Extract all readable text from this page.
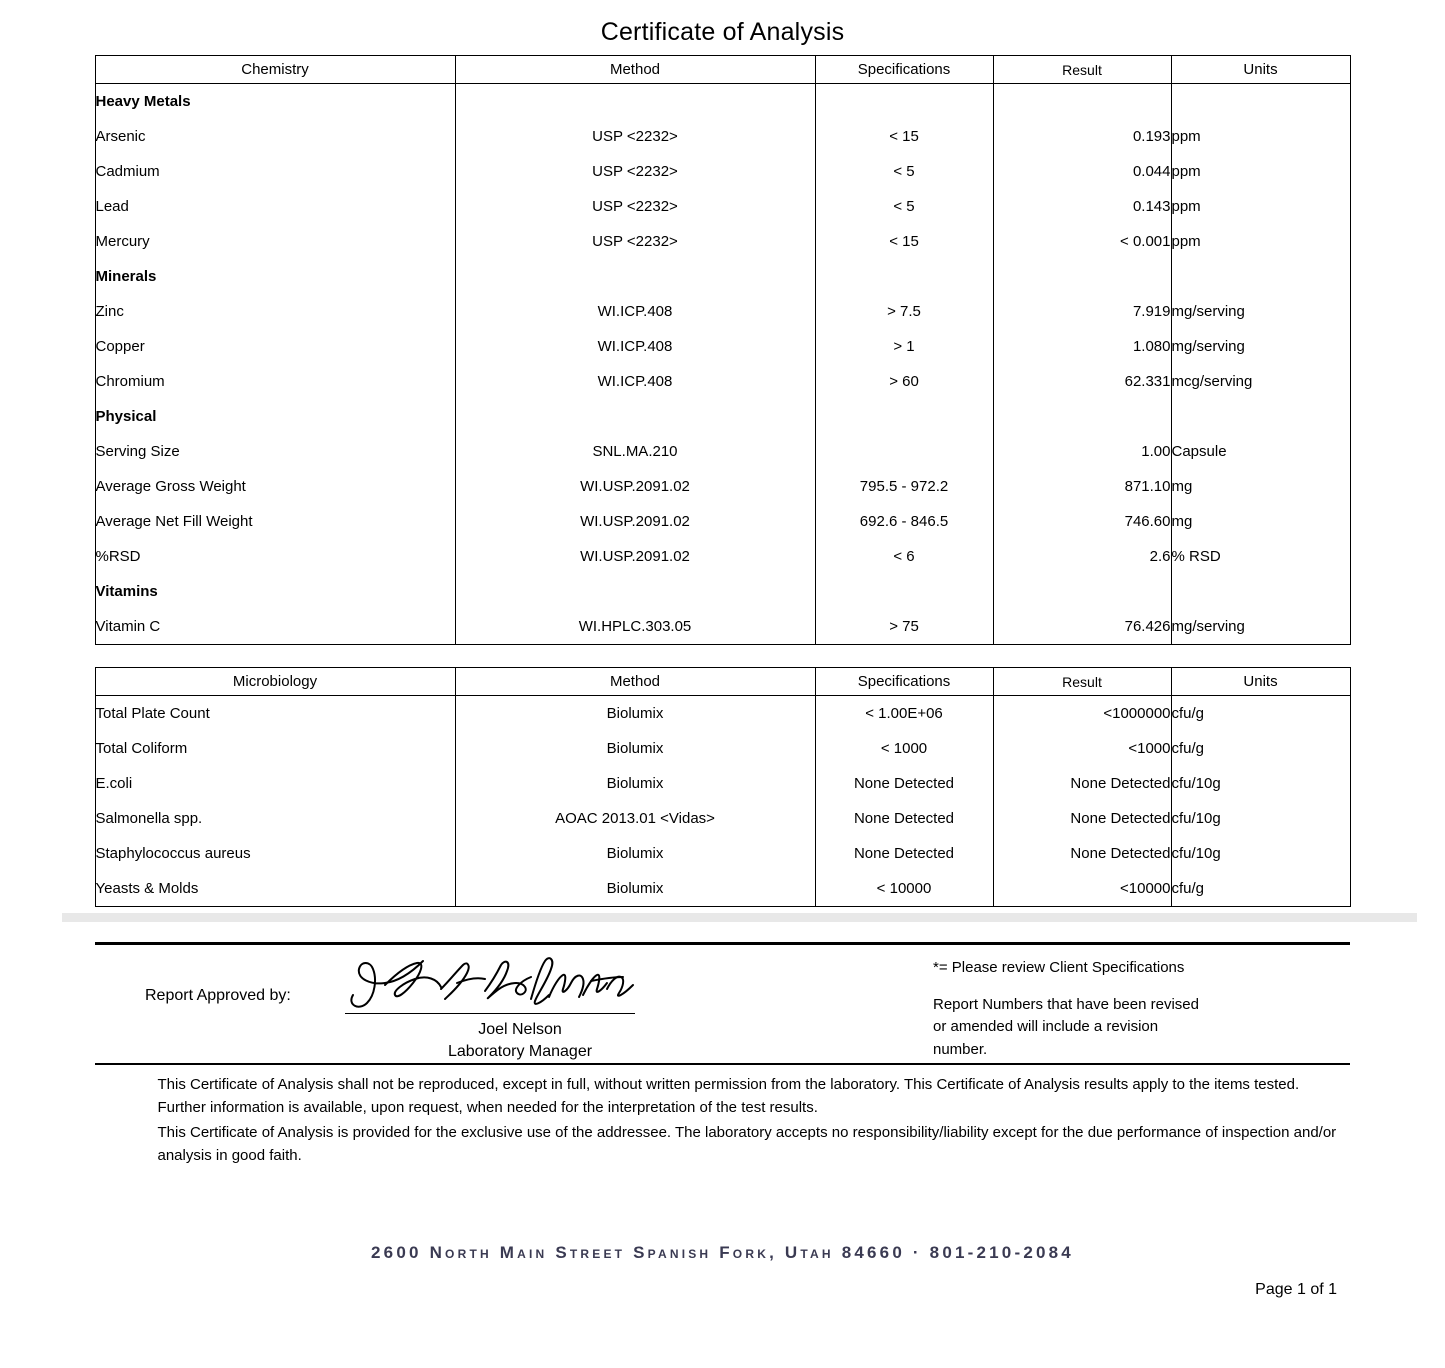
Certificate of Analysis
Chemistry	Method	Specifications	Result	Units
Heavy Metals				
Arsenic	USP <2232>	< 15	0.193	ppm
Cadmium	USP <2232>	< 5	0.044	ppm
Lead	USP <2232>	< 5	0.143	ppm
Mercury	USP <2232>	< 15	< 0.001	ppm
Minerals				
Zinc	WI.ICP.408	> 7.5	7.919	mg/serving
Copper	WI.ICP.408	> 1	1.080	mg/serving
Chromium	WI.ICP.408	> 60	62.331	mcg/serving
Physical				
Serving Size	SNL.MA.210		1.00	Capsule
Average Gross Weight	WI.USP.2091.02	795.5 - 972.2	871.10	mg
Average Net Fill Weight	WI.USP.2091.02	692.6 - 846.5	746.60	mg
%RSD	WI.USP.2091.02	< 6	2.6	% RSD
Vitamins				
Vitamin C	WI.HPLC.303.05	> 75	76.426	mg/serving
Microbiology	Method	Specifications	Result	Units
Total Plate Count	Biolumix	< 1.00E+06	<1000000	cfu/g
Total Coliform	Biolumix	< 1000	<1000	cfu/g
E.coli	Biolumix	None Detected	None Detected	cfu/10g
Salmonella spp.	AOAC 2013.01 <Vidas>	None Detected	None Detected	cfu/10g
Staphylococcus aureus	Biolumix	None Detected	None Detected	cfu/10g
Yeasts & Molds	Biolumix	< 10000	<10000	cfu/g
Report Approved by:
Joel Nelson
Laboratory Manager
*= Please review Client Specifications
Report Numbers that have been revised or amended will include a revision number.

This Certificate of Analysis shall not be reproduced, except in full, without written permission from the laboratory. This Certificate of Analysis results apply to the items tested. Further information is available, upon request, when needed for the interpretation of the test results.

This Certificate of Analysis is provided for the exclusive use of the addressee. The laboratory accepts no responsibility/liability except for the due performance of inspection and/or analysis in good faith.

2600 North Main Street Spanish Fork, Utah 84660 · 801-210-2084
Page 1 of 1
